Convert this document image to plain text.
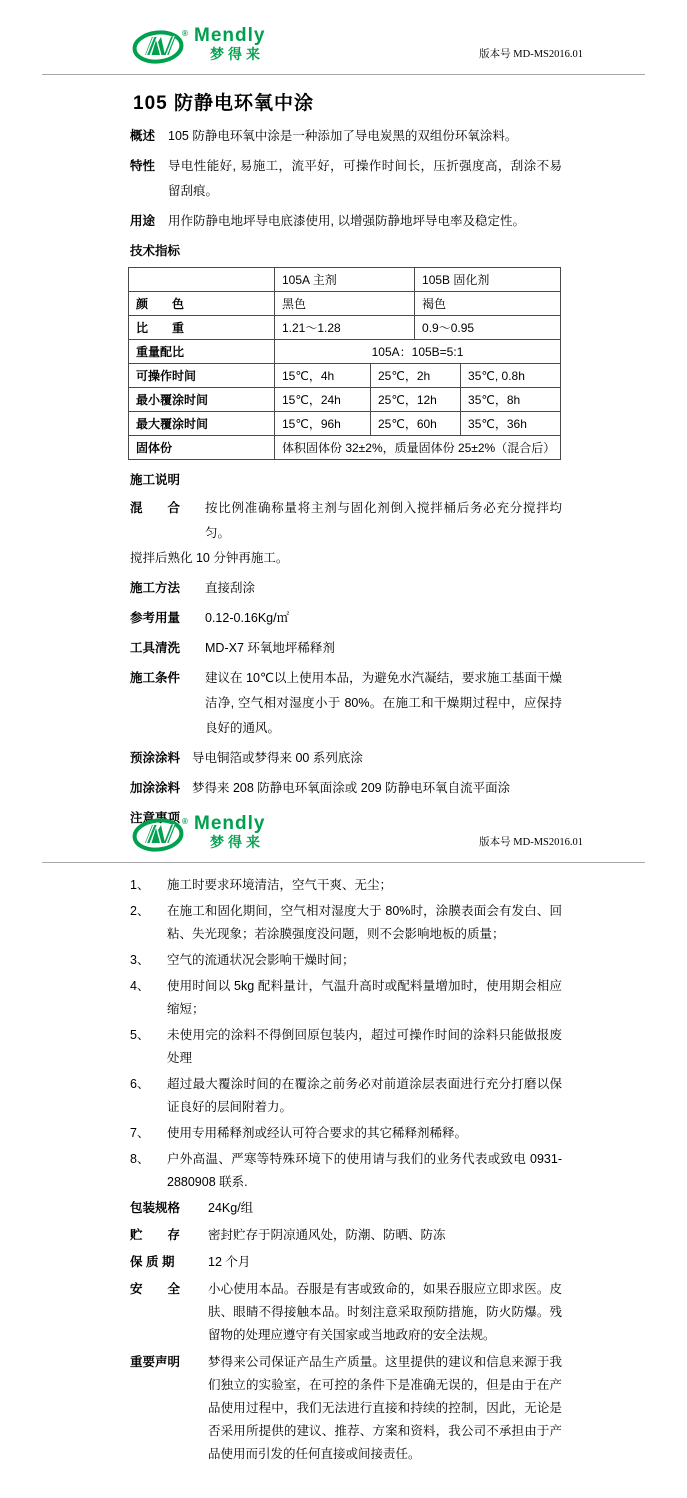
® Mendly
梦得来	版本号 MD-MS2016.01
105 防静电环氧中涂
概述	105 防静电环氧中涂是一种添加了导电炭黑的双组份环氧涂料。
特性	导电性能好, 易施工，流平好，可操作时间长，压折强度高，刮涂不易留刮痕。
用途	用作防静电地坪导电底漆使用, 以增强防静地坪导电率及稳定性。
技术指标
	105A 主剂		105B 固化剂	
颜　　色	黑色		褐色	
比　　重	1.21～1.28		0.9～0.95	
重量配比	105A：105B=5:1			
可操作时间	15℃，4h	25℃，2h		35℃, 0.8h
最小覆涂时间	15℃，24h	25℃，12h		35℃，8h
最大覆涂时间	15℃，96h	25℃，60h		35℃，36h
固体份	体积固体份 32±2%，质量固体份 25±2%（混合后）			
施工说明
混　　合	按比例准确称量将主剂与固化剂倒入搅拌桶后务必充分搅拌均匀。
搅拌后熟化 10 分钟再施工。
施工方法	直接刮涂
参考用量	0.12-0.16Kg/㎡
工具清洗	MD-X7 环氧地坪稀释剂
施工条件	建议在 10℃以上使用本品，为避免水汽凝结，要求施工基面干燥洁净, 空气相对湿度小于 80%。在施工和干燥期过程中，应保持良好的通风。
预涂涂料 导电铜箔或梦得来 00 系列底涂
加涂涂料 梦得来 208 防静电环氧面涂或 209 防静电环氧自流平面涂
注意事项 ® Mendly
梦得来	版本号 MD-MS2016.01
1、	施工时要求环境清洁，空气干爽、无尘；
2、	在施工和固化期间，空气相对湿度大于 80%时，涂膜表面会有发白、回粘、失光现象；若涂膜强度没问题，则不会影响地板的质量；
3、	空气的流通状况会影响干燥时间；
4、	使用时间以 5kg 配料量计，气温升高时或配料量增加时，使用期会相应缩短；
5、	未使用完的涂料不得倒回原包装内，超过可操作时间的涂料只能做报废处理
6、	超过最大覆涂时间的在覆涂之前务必对前道涂层表面进行充分打磨以保证良好的层间附着力。
7、	使用专用稀释剂或经认可符合要求的其它稀释剂稀释。
8、	户外高温、严寒等特殊环境下的使用请与我们的业务代表或致电 0931-2880908 联系.
包装规格	24Kg/组
贮　　存	密封贮存于阴凉通风处，防潮、防晒、防冻
保 质 期	12 个月
安　　全	小心使用本品。吞服是有害或致命的，如果吞服应立即求医。皮肤、眼睛不得接触本品。时刻注意采取预防措施，防火防爆。残留物的处理应遵守有关国家或当地政府的安全法规。
重要声明	梦得来公司保证产品生产质量。这里提供的建议和信息来源于我们独立的实验室，在可控的条件下是准确无误的，但是由于在产品使用过程中，我们无法进行直接和持续的控制，因此，无论是否采用所提供的建议、推荐、方案和资料，我公司不承担由于产品使用而引发的任何直接或间接责任。
